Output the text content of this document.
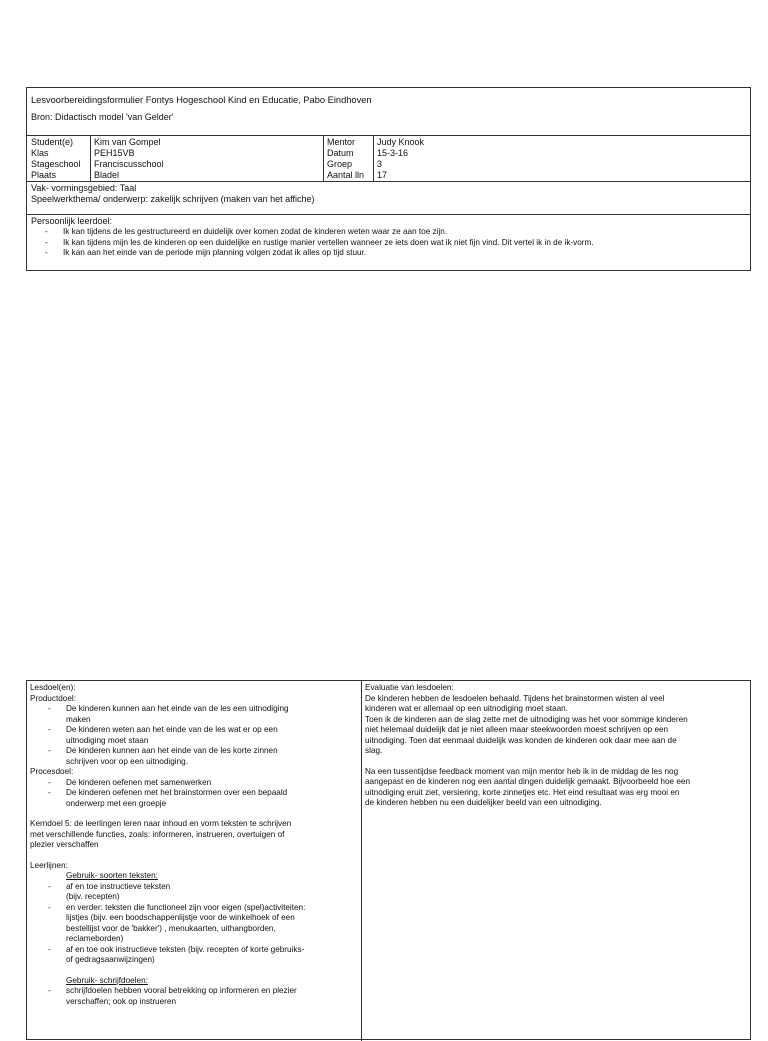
Lesvoorbereidingsformulier Fontys Hogeschool Kind en Educatie, Pabo Eindhoven
Bron: Didactisch model 'van Gelder'
Student(e)
Klas
Stageschool
Plaats
Kim van Gompel
PEH15VB
Franciscusschool
Bladel
Mentor
Datum
Groep
Aantal lln
Judy Knook
15-3-16
3
17
Vak- vormingsgebied: Taal
Speelwerkthema/ onderwerp: zakelijk schrijven (maken van het affiche)
Persoonlijk leerdoel:
- Ik kan tijdens de les gestructureerd en duidelijk over komen zodat de kinderen weten waar ze aan toe zijn.
- Ik kan tijdens mijn les de kinderen op een duidelijke en rustige manier vertellen wanneer ze iets doen wat ik niet fijn vind. Dit vertel ik in de ik-vorm.
- Ik kan aan het einde van de periode mijn planning volgen zodat ik alles op tijd stuur.
Lesdoel(en):
Productdoel:
- De kinderen kunnen aan het einde van de les een uitnodiging
maken
- De kinderen weten aan het einde van de les wat er op een
uitnodiging moet staan
- De kinderen kunnen aan het einde van de les korte zinnen
schrijven voor op een uitnodiging.
Procesdoel:
- De kinderen oefenen met samenwerken
- De kinderen oefenen met het brainstormen over een bepaald
onderwerp met een groepje
Kerndoel 5: de leerlingen leren naar inhoud en vorm teksten te schrijven
met verschillende functies, zoals: informeren, instrueren, overtuigen of
plezier verschaffen
Leerlijnen:
Gebruik- soorten teksten:
- af en toe instructieve teksten
(bijv. recepten)
- en verder: teksten die functioneel zijn voor eigen (spel)activiteiten:
lijstjes (bijv. een boodschappenlijstje voor de winkelhoek of een
bestellijst voor de 'bakker') , menukaarten, uithangborden,
reclameborden)
- af en toe ook instructieve teksten (bijv. recepten of korte gebruiks-
of gedragsaanwijzingen)
Gebruik- schrijfdoelen:
- schrijfdoelen hebben vooral betrekking op informeren en plezier
verschaffen; ook op instrueren
Evaluatie van lesdoelen:
De kinderen hebben de lesdoelen behaald. Tijdens het brainstormen wisten al veel
kinderen wat er allemaal op een uitnodiging moet staan.
Toen ik de kinderen aan de slag zette met de uitnodiging was het voor sommige kinderen
niet helemaal duidelijk dat je niet alleen maar steekwoorden moest schrijven op een
uitnodiging. Toen dat eenmaal duidelijk was konden de kinderen ook daar mee aan de
slag.
Na een tussentijdse feedback moment van mijn mentor heb ik in de middag de les nog
aangepast en de kinderen nog een aantal dingen duidelijk gemaakt. Bijvoorbeeld hoe een
uitnodiging eruit ziet, versiering, korte zinnetjes etc. Het eind resultaat was erg mooi en
de kinderen hebben nu een duidelijker beeld van een uitnodiging.
